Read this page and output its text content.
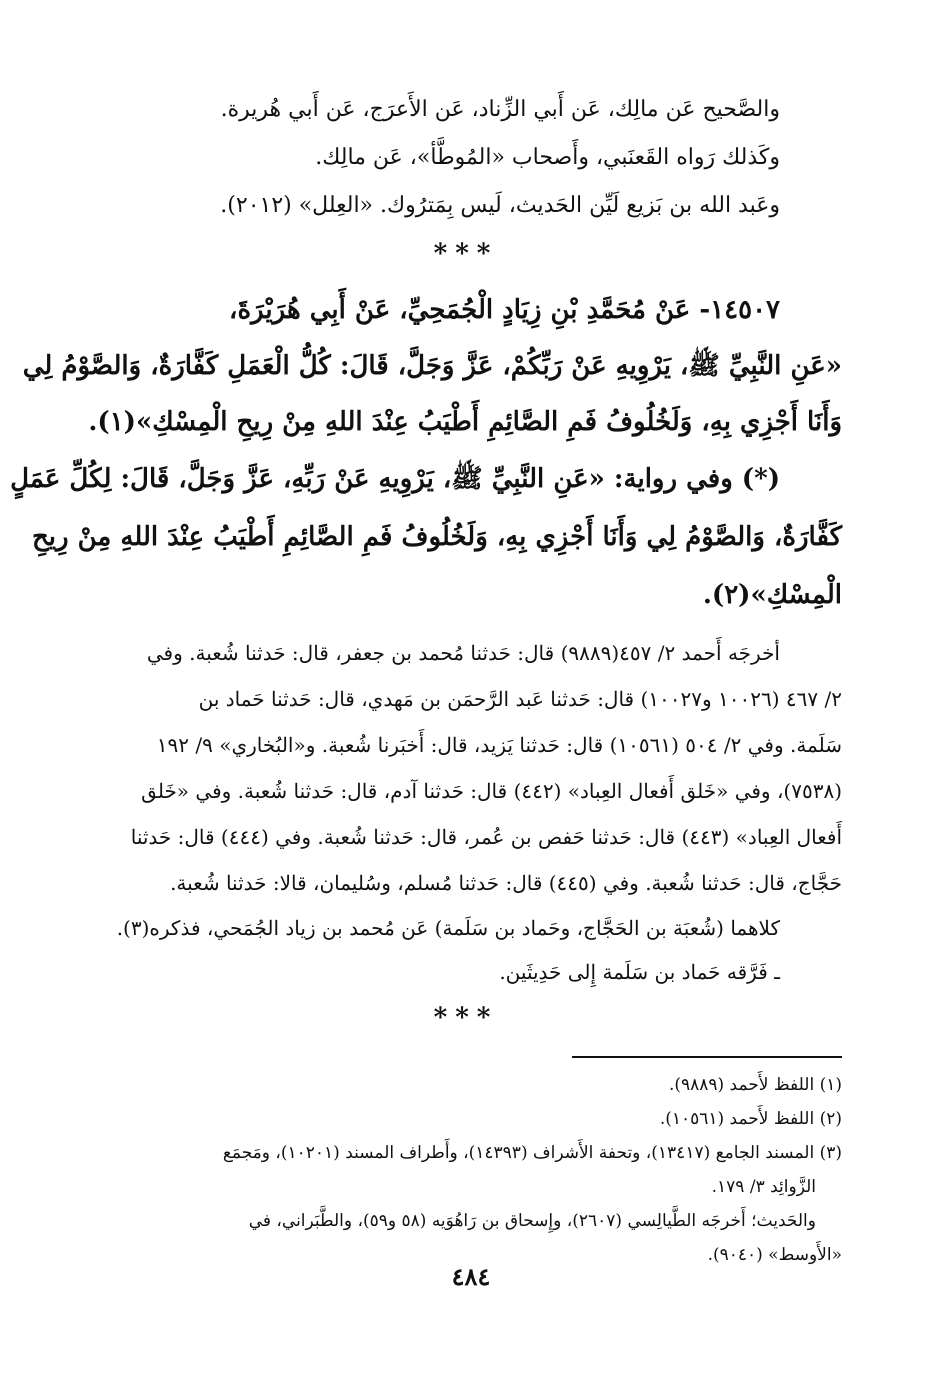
والصَّحيح عَن مالِك، عَن أَبي الزِّناد، عَن الأَعرَج، عَن أَبي هُريرة.
وكَذلك رَواه القَعنَبي، وأَصحاب «المُوطَّأ»، عَن مالِك.
وعَبد الله بن بَزيع لَيِّن الحَديث، لَيس بِمَترُوك. «العِلل» (٢٠١٢).
***
١٤٥٠٧- عَنْ مُحَمَّدِ بْنِ زِيَادٍ الْجُمَحِيِّ، عَنْ أَبِي هُرَيْرَةَ،
«عَنِ النَّبِيِّ ﷺ، يَرْوِيهِ عَنْ رَبِّكُمْ، عَزَّ وَجَلَّ، قَالَ: كُلُّ الْعَمَلِ كَفَّارَةٌ، وَالصَّوْمُ لِي
وَأَنَا أَجْزِي بِهِ، وَلَخُلُوفُ فَمِ الصَّائِمِ أَطْيَبُ عِنْدَ اللهِ مِنْ رِيحِ الْمِسْكِ»(١).
(*) وفي رواية: «عَنِ النَّبِيِّ ﷺ، يَرْوِيهِ عَنْ رَبِّهِ، عَزَّ وَجَلَّ، قَالَ: لِكُلِّ عَمَلٍ
كَفَّارَةٌ، وَالصَّوْمُ لِي وَأَنَا أَجْزِي بِهِ، وَلَخُلُوفُ فَمِ الصَّائِمِ أَطْيَبُ عِنْدَ اللهِ مِنْ رِيحِ
الْمِسْكِ»(٢).
أخرجَه أَحمد ٢/ ٤٥٧(٩٨٨٩) قال: حَدثنا مُحمد بن جعفر، قال: حَدثنا شُعبة. وفي
٢/ ٤٦٧ (١٠٠٢٦ و١٠٠٢٧) قال: حَدثنا عَبد الرَّحمَن بن مَهدي، قال: حَدثنا حَماد بن
سَلَمة. وفي ٢/ ٥٠٤ (١٠٥٦١) قال: حَدثنا يَزيد، قال: أَخبَرنا شُعبة. و«البُخاري» ٩/ ١٩٢
(٧٥٣٨)، وفي «خَلق أَفعال العِباد» (٤٤٢) قال: حَدثنا آدم، قال: حَدثنا شُعبة. وفي «خَلق
أَفعال العِباد» (٤٤٣) قال: حَدثنا حَفص بن عُمر، قال: حَدثنا شُعبة. وفي (٤٤٤) قال: حَدثنا
حَجَّاج، قال: حَدثنا شُعبة. وفي (٤٤٥) قال: حَدثنا مُسلم، وسُليمان، قالا: حَدثنا شُعبة.
كلاهما (شُعبَة بن الحَجَّاج، وحَماد بن سَلَمة) عَن مُحمد بن زياد الجُمَحي، فذكره(٣).
ـ فَرَّقه حَماد بن سَلَمة إِلى حَدِيثَين.
***
(١) اللفظ لأَحمد (٩٨٨٩).
(٢) اللفظ لأَحمد (١٠٥٦١).
(٣) المسند الجامع (١٣٤١٧)، وتحفة الأَشراف (١٤٣٩٣)، وأَطراف المسند (١٠٢٠١)، ومَجمَع
الزَّوائِد ٣/ ١٧٩.
والحَديث؛ أَخرجَه الطَّيالِسي (٢٦٠٧)، وإِسحاق بن رَاهُوَيه (٥٨ و٥٩)، والطَّبَراني، في
«الأَوسط» (٩٠٤٠).
٤٨٤
